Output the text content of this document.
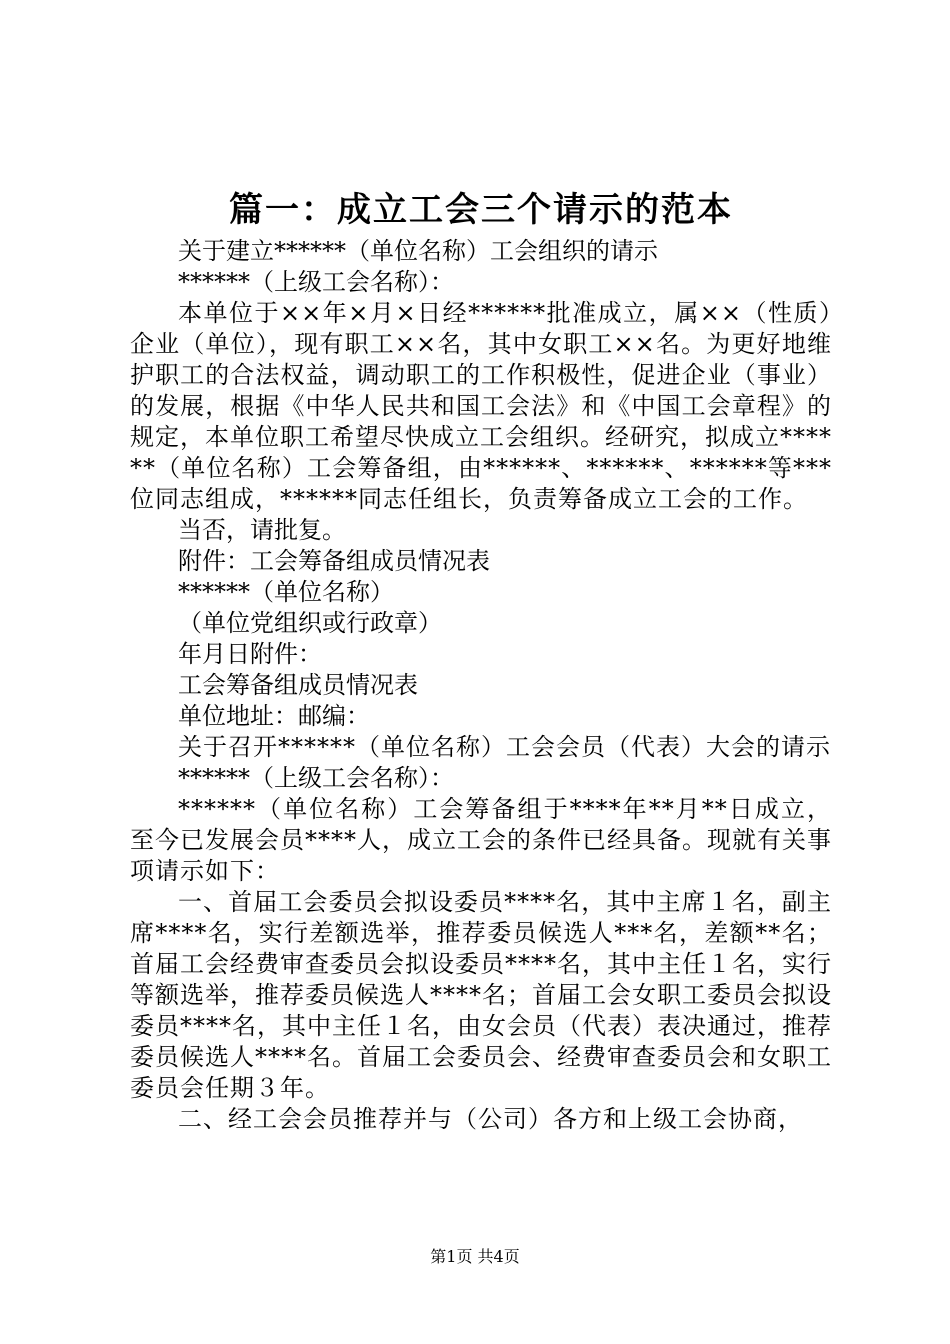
篇一：成立工会三个请示的范本

关于建立******（单位名称）工会组织的请示

******（上级工会名称）：

本单位于××年×月×日经******批准成立，属××（性质）企业（单位），现有职工××名，其中女职工××名。为更好地维护职工的合法权益，调动职工的工作积极性，促进企业（事业）的发展，根据《中华人民共和国工会法》和《中国工会章程》的规定，本单位职工希望尽快成立工会组织。经研究，拟成立******（单位名称）工会筹备组，由******、******、******等***位同志组成，******同志任组长，负责筹备成立工会的工作。

当否，请批复。

附件：工会筹备组成员情况表

******（单位名称）

（单位党组织或行政章）

年月日附件：

工会筹备组成员情况表

单位地址：邮编：

关于召开******（单位名称）工会会员（代表）大会的请示

******（上级工会名称）：

******（单位名称）工会筹备组于****年**月**日成立，至今已发展会员****人，成立工会的条件已经具备。现就有关事项请示如下：

一、首届工会委员会拟设委员****名，其中主席１名，副主席****名，实行差额选举，推荐委员候选人***名，差额**名；首届工会经费审查委员会拟设委员****名，其中主任１名，实行等额选举，推荐委员候选人****名；首届工会女职工委员会拟设委员****名，其中主任１名，由女会员（代表）表决通过，推荐委员候选人****名。首届工会委员会、经费审查委员会和女职工委员会任期３年。

二、经工会会员推荐并与（公司）各方和上级工会协商，

第1页 共4页
